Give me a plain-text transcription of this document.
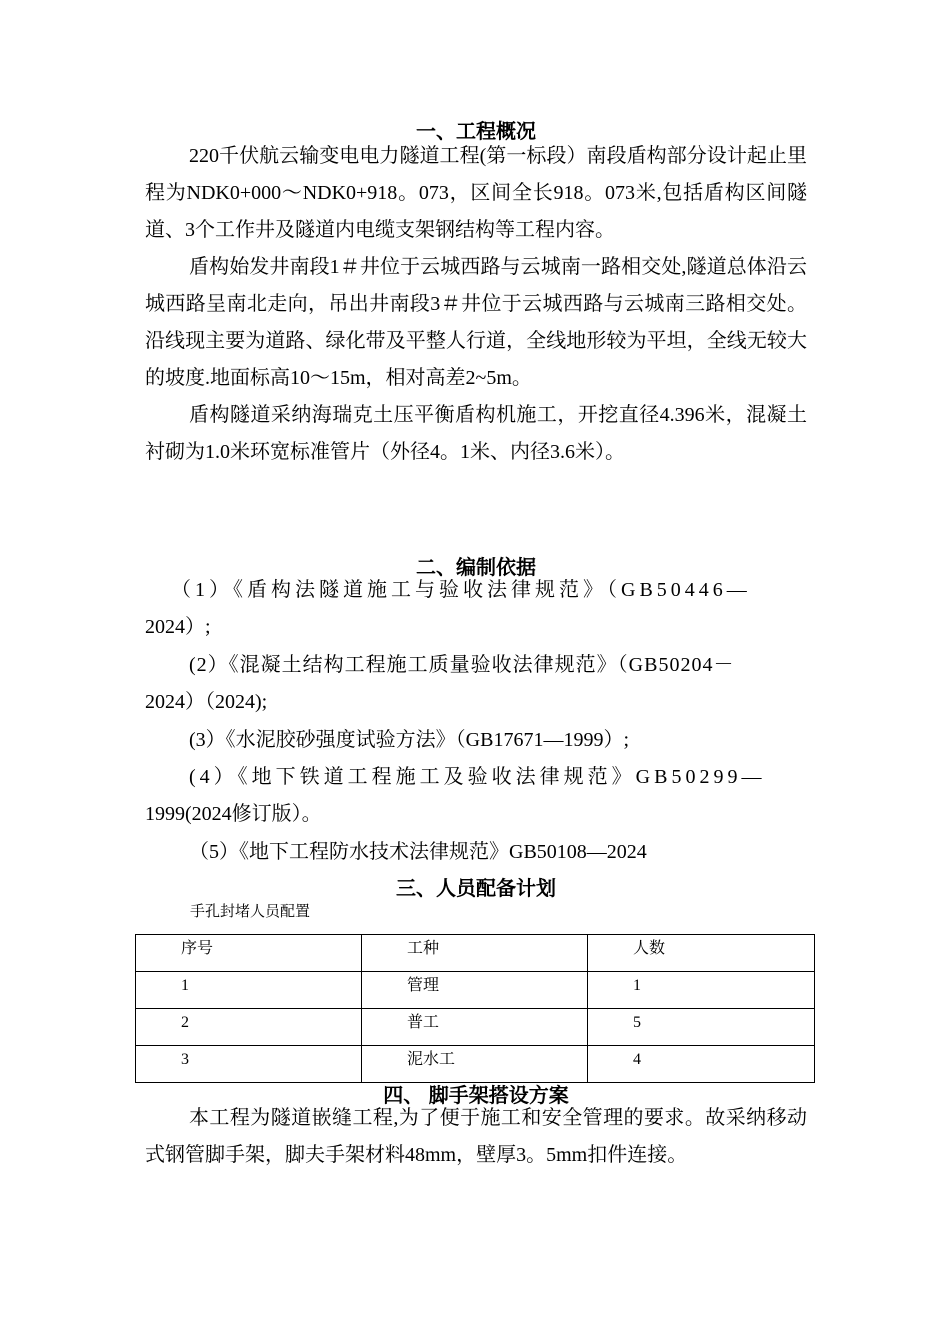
一、工程概况

220千伏航云输变电电力隧道工程(第一标段）南段盾构部分设计起止里程为NDK0+000～NDK0+918。073，区间全长918。073米,包括盾构区间隧道、3个工作井及隧道内电缆支架钢结构等工程内容。

盾构始发井南段1＃井位于云城西路与云城南一路相交处,隧道总体沿云城西路呈南北走向，吊出井南段3＃井位于云城西路与云城南三路相交处。沿线现主要为道路、绿化带及平整人行道，全线地形较为平坦，全线无较大的坡度.地面标高10～15m，相对高差2~5m。

盾构隧道采纳海瑞克土压平衡盾构机施工，开挖直径4.396米，混凝土衬砌为1.0米环宽标准管片（外径4。1米、内径3.6米）。

二、编制依据
（1）《盾构法隧道施工与验收法律规范》（GB50446—
2024）;
(2）《混凝土结构工程施工质量验收法律规范》（GB50204－
2024）（2024);
(3）《水泥胶砂强度试验方法》（GB17671—1999）;
(4）《地下铁道工程施工及验收法律规范》GB50299—
1999(2024修订版）。
（5）《地下工程防水技术法律规范》GB50108—2024
三、人员配备计划
手孔封堵人员配置
序号	工种	人数
1	管理	1
2	普工	5
3	泥水工	4
四、 脚手架搭设方案

本工程为隧道嵌缝工程,为了便于施工和安全管理的要求。故采纳移动式钢管脚手架，脚夫手架材料48mm，壁厚3。5mm扣件连接。
